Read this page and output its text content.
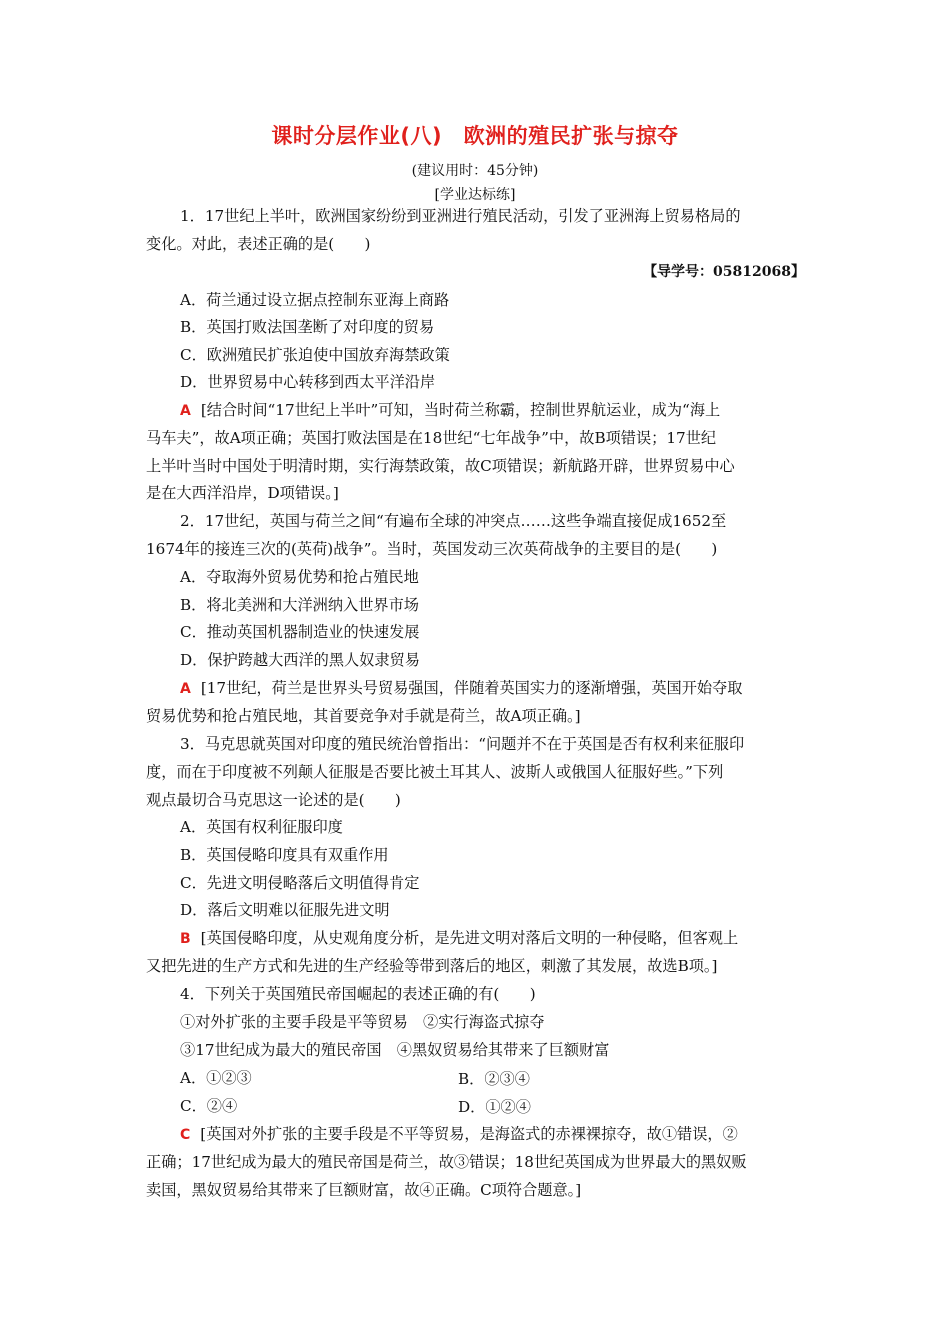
课时分层作业(八)　欧洲的殖民扩张与掠夺
(建议用时：45分钟)
[学业达标练]
1．17世纪上半叶，欧洲国家纷纷到亚洲进行殖民活动，引发了亚洲海上贸易格局的
变化。对此，表述正确的是(　　)
【导学号：05812068】
A．荷兰通过设立据点控制东亚海上商路
B．英国打败法国垄断了对印度的贸易
C．欧洲殖民扩张迫使中国放弃海禁政策
D．世界贸易中心转移到西太平洋沿岸
A [结合时间“17世纪上半叶”可知，当时荷兰称霸，控制世界航运业，成为“海上
马车夫”，故A项正确；英国打败法国是在18世纪“七年战争”中，故B项错误；17世纪
上半叶当时中国处于明清时期，实行海禁政策，故C项错误；新航路开辟，世界贸易中心
是在大西洋沿岸，D项错误。]
2．17世纪，英国与荷兰之间“有遍布全球的冲突点……这些争端直接促成1652至
1674年的接连三次的(英荷)战争”。当时，英国发动三次英荷战争的主要目的是(　　)
A．夺取海外贸易优势和抢占殖民地
B．将北美洲和大洋洲纳入世界市场
C．推动英国机器制造业的快速发展
D．保护跨越大西洋的黑人奴隶贸易
A [17世纪，荷兰是世界头号贸易强国，伴随着英国实力的逐渐增强，英国开始夺取
贸易优势和抢占殖民地，其首要竞争对手就是荷兰，故A项正确。]
3．马克思就英国对印度的殖民统治曾指出：“问题并不在于英国是否有权利来征服印
度，而在于印度被不列颠人征服是否要比被土耳其人、波斯人或俄国人征服好些。”下列
观点最切合马克思这一论述的是(　　)
A．英国有权利征服印度
B．英国侵略印度具有双重作用
C．先进文明侵略落后文明值得肯定
D．落后文明难以征服先进文明
B [英国侵略印度，从史观角度分析，是先进文明对落后文明的一种侵略，但客观上
又把先进的生产方式和先进的生产经验等带到落后的地区，刺激了其发展，故选B项。]
4．下列关于英国殖民帝国崛起的表述正确的有(　　)
①对外扩张的主要手段是平等贸易　②实行海盗式掠夺
③17世纪成为最大的殖民帝国　④黑奴贸易给其带来了巨额财富
A．①②③	B．②③④
C．②④	D．①②④
C [英国对外扩张的主要手段是不平等贸易，是海盗式的赤裸裸掠夺，故①错误，②
正确；17世纪成为最大的殖民帝国是荷兰，故③错误；18世纪英国成为世界最大的黑奴贩
卖国，黑奴贸易给其带来了巨额财富，故④正确。C项符合题意。]
